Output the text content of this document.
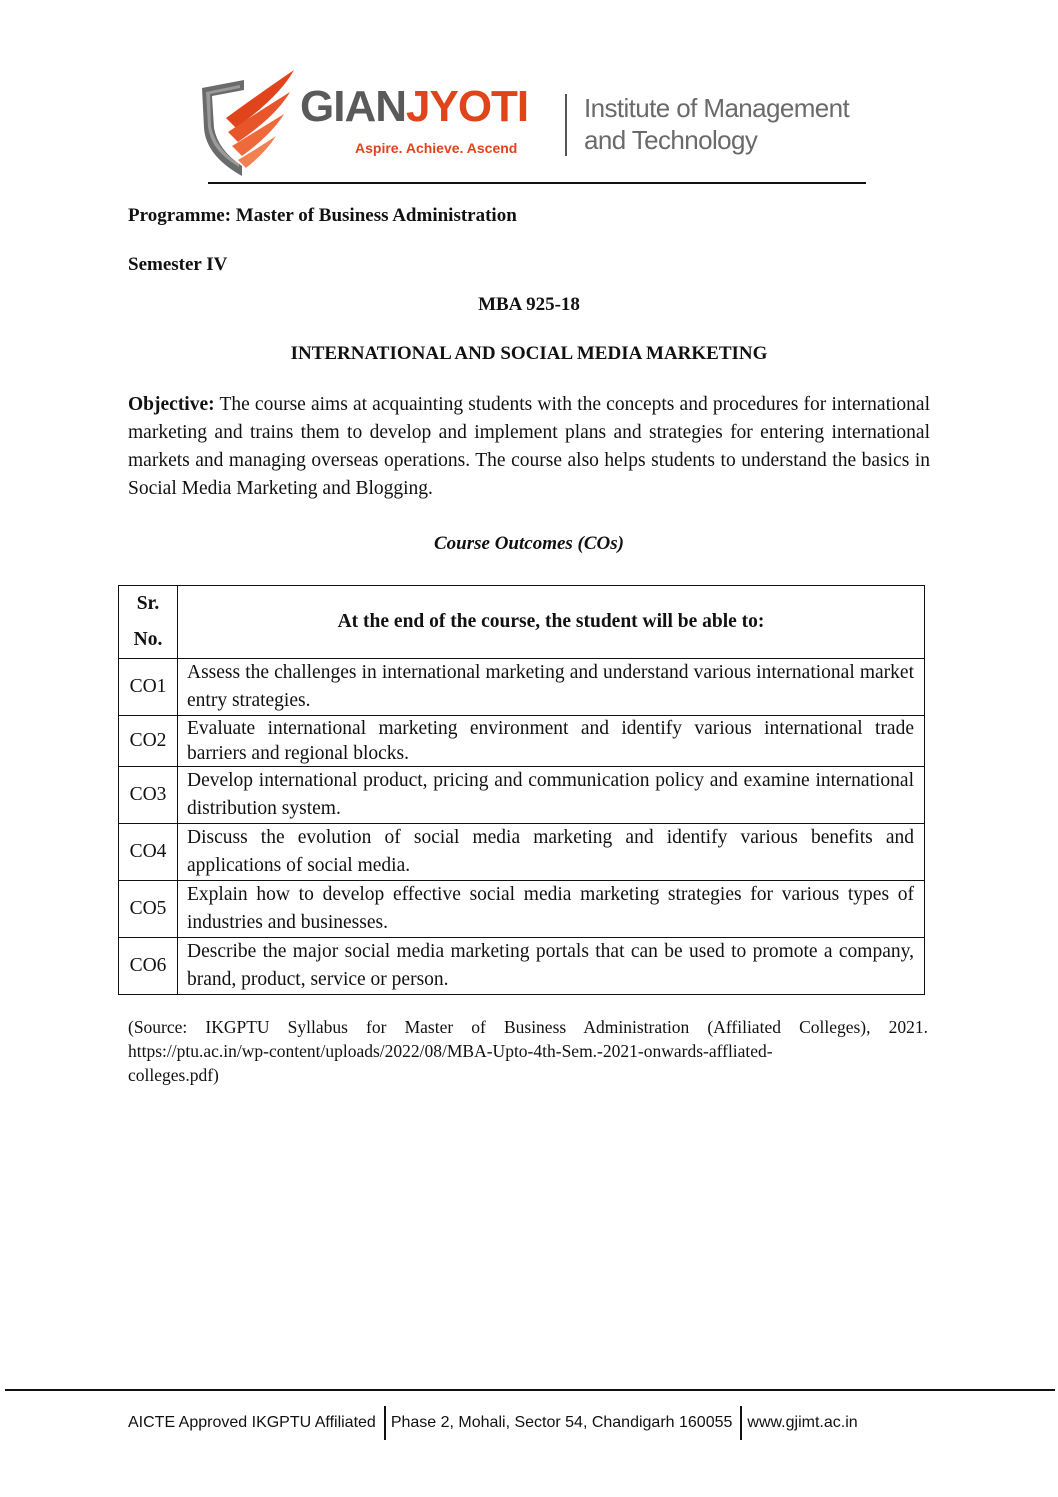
GIANJYOTI
Aspire. Achieve. Ascend
Institute of Management
and Technology
Programme: Master of Business Administration
Semester IV
MBA 925-18
INTERNATIONAL AND SOCIAL MEDIA MARKETING

Objective: The course aims at acquainting students with the concepts and procedures for international marketing and trains them to develop and implement plans and strategies for entering international markets and managing overseas operations. The course also helps students to understand the basics in Social Media Marketing and Blogging.

Course Outcomes (COs)
Sr.
No.	At the end of the course, the student will be able to:
CO1	Assess the challenges in international marketing and understand various international market entry strategies.
CO2	Evaluate international marketing environment and identify various international trade barriers and regional blocks.
CO3	Develop international product, pricing and communication policy and examine international distribution system.
CO4	Discuss the evolution of social media marketing and identify various benefits and applications of social media.
CO5	Explain how to develop effective social media marketing strategies for various types of industries and businesses.
CO6	Describe the major social media marketing portals that can be used to promote a company, brand, product, service or person.

(Source: IKGPTU Syllabus for Master of Business Administration (Affiliated Colleges), 2021.
https://ptu.ac.in/wp-content/uploads/2022/08/MBA-Upto-4th-Sem.-2021-onwards-affliated-
colleges.pdf)

AICTE Approved IKGPTU Affiliated Phase 2, Mohali, Sector 54, Chandigarh 160055 www.gjimt.ac.in
